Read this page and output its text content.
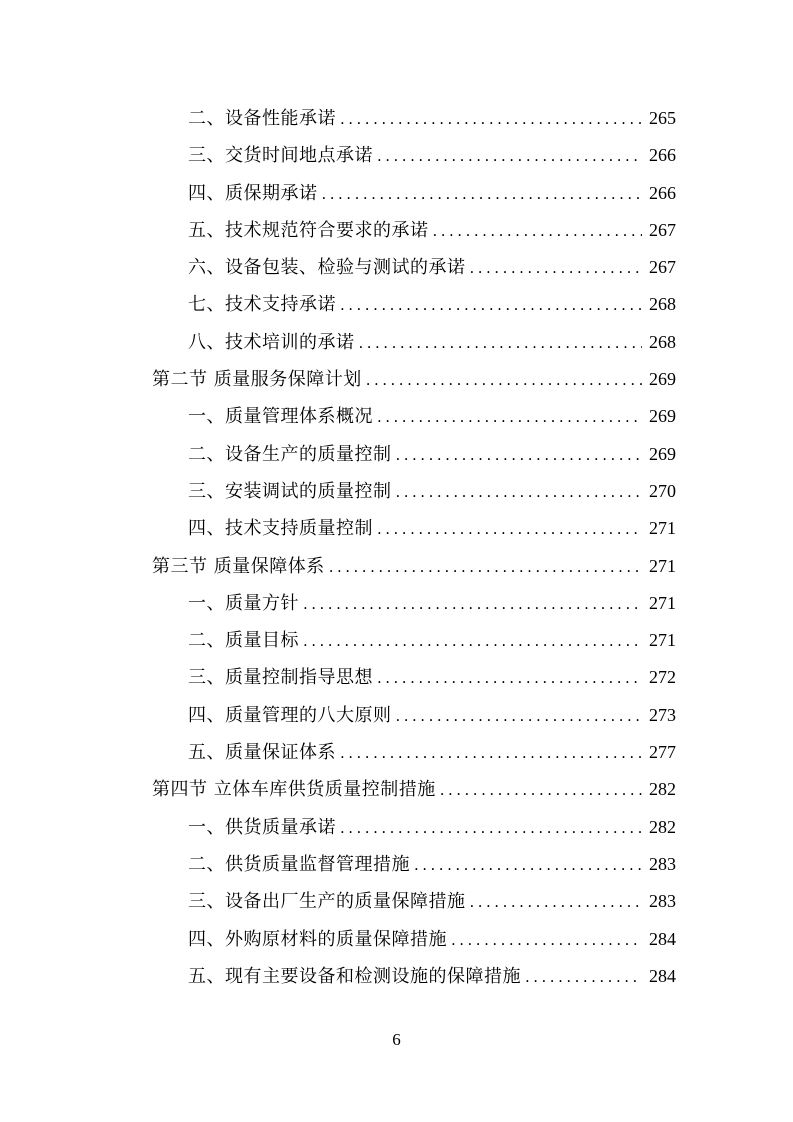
二、设备性能承诺 .....	265
三、交货时间地点承诺 .....	266
四、质保期承诺 .....	266
五、技术规范符合要求的承诺 .....	267
六、设备包装、检验与测试的承诺 .....	267
七、技术支持承诺 .....	268
八、技术培训的承诺 .....	268
第二节 质量服务保障计划 .....	269
一、质量管理体系概况 .....	269
二、设备生产的质量控制 .....	269
三、安装调试的质量控制 .....	270
四、技术支持质量控制 .....	271
第三节 质量保障体系 .....	271
一、质量方针 .....	271
二、质量目标 .....	271
三、质量控制指导思想 .....	272
四、质量管理的八大原则 .....	273
五、质量保证体系 .....	277
第四节 立体车库供货质量控制措施 .....	282
一、供货质量承诺 .....	282
二、供货质量监督管理措施 .....	283
三、设备出厂生产的质量保障措施 .....	283
四、外购原材料的质量保障措施 .....	284
五、现有主要设备和检测设施的保障措施 .....	284
6
